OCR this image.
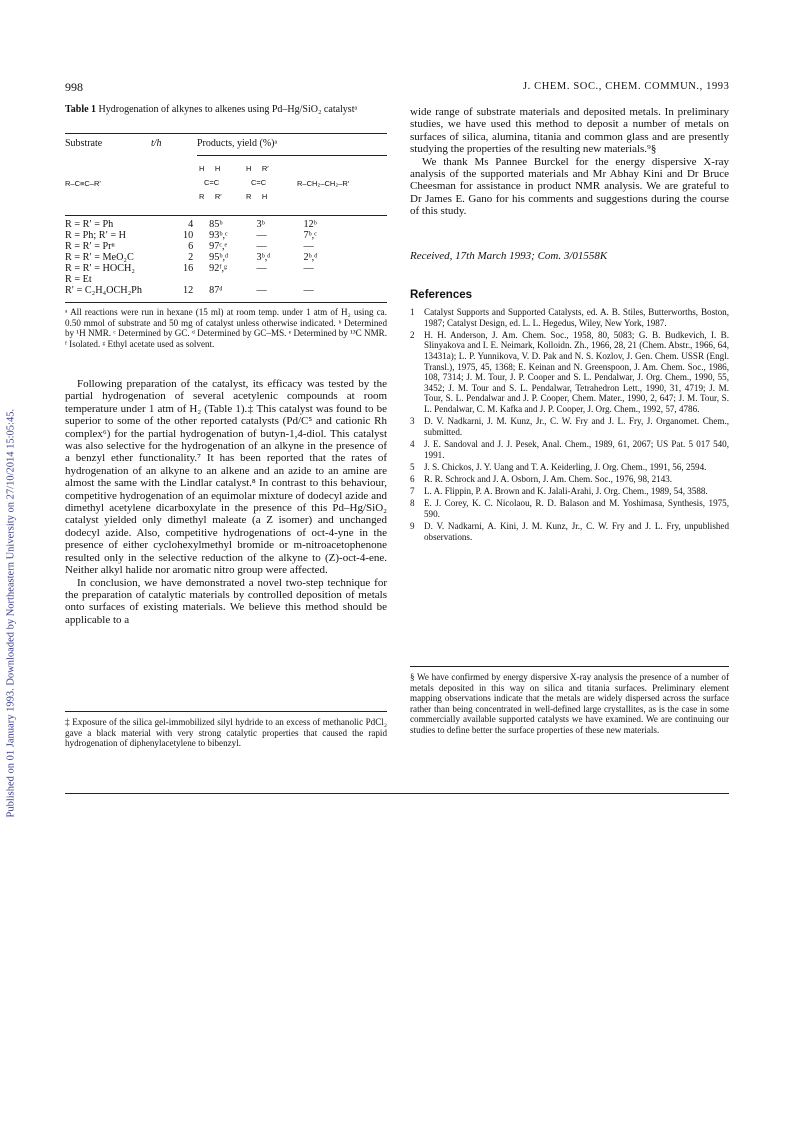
Published on 01 January 1993. Downloaded by Northeastern University on 27/10/2014 15:05:45.
998	J. CHEM. SOC., CHEM. COMMUN., 1993
Table 1 Hydrogenation of alkynes to alkenes using Pd–Hg/SiO₂ catalystᵃ
Substrate	t/h	Products, yield (%)ᵃ
R–C≡C–R′
H     H
C=C
R     R′
H     R′
C=C
R     H
R–CH₂–CH₂–R′
R = R′ = Ph	4	85ᵇ	3ᵇ	12ᵇ
R = Ph; R′ = H	10	93ᵇ,ᶜ	—	7ᵇ,ᶜ
R = R′ = Prⁿ	6	97ᶜ,ᵉ	—	—
R = R′ = MeO₂C	2	95ᵇ,ᵈ	3ᵇ,ᵈ	2ᵇ,ᵈ
R = R′ = HOCH₂	16	92ᶠ,ᵍ	—	—
R = Et				
R′ = C₂H₄OCH₂Ph	12	87ᵈ	—	—
ᵃ All reactions were run in hexane (15 ml) at room temp. under 1 atm of H₂ using ca. 0.50 mmol of substrate and 50 mg of catalyst unless otherwise indicated. ᵇ Determined by ¹H NMR. ᶜ Determined by GC. ᵈ Determined by GC–MS. ᵉ Determined by ¹³C NMR. ᶠ Isolated. ᵍ Ethyl acetate used as solvent.

Following preparation of the catalyst, its efficacy was tested by the partial hydrogenation of several acetylenic compounds at room temperature under 1 atm of H₂ (Table 1).‡ This catalyst was found to be superior to some of the other reported catalysts (Pd/C⁵ and cationic Rh complex⁶) for the partial hydrogenation of butyn-1,4-diol. This catalyst was also selective for the hydrogenation of an alkyne in the presence of a benzyl ether functionality.⁷ It has been reported that the rates of hydrogenation of an alkyne to an alkene and an azide to an amine are almost the same with the Lindlar catalyst.⁸ In contrast to this behaviour, competitive hydrogenation of an equimolar mixture of dodecyl azide and dimethyl acetylene dicarboxylate in the presence of this Pd–Hg/SiO₂ catalyst yielded only dimethyl maleate (a Z isomer) and unchanged dodecyl azide. Also, competitive hydrogenations of oct-4-yne in the presence of either cyclohexylmethyl bromide or m-nitroacetophenone resulted only in the selective reduction of the alkyne to (Z)-oct-4-ene. Neither alkyl halide nor aromatic nitro group were affected.

In conclusion, we have demonstrated a novel two-step technique for the preparation of catalytic materials by controlled deposition of metals onto surfaces of existing materials. We believe this method should be applicable to a

‡ Exposure of the silica gel-immobilized silyl hydride to an excess of methanolic PdCl₂ gave a black material with very strong catalytic properties that caused the rapid hydrogenation of diphenylacetylene to bibenzyl.

wide range of substrate materials and deposited metals. In preliminary studies, we have used this method to deposit a number of metals on surfaces of silica, alumina, titania and common glass and are presently studying the properties of the resulting new materials.⁹§

We thank Ms Pannee Burckel for the energy dispersive X-ray analysis of the supported materials and Mr Abhay Kini and Dr Bruce Cheesman for assistance in product NMR analysis. We are grateful to Dr James E. Gano for his comments and suggestions during the course of this study.

Received, 17th March 1993; Com. 3/01558K
References
1 Catalyst Supports and Supported Catalysts, ed. A. B. Stiles, Butterworths, Boston, 1987; Catalyst Design, ed. L. L. Hegedus, Wiley, New York, 1987.
2 H. H. Anderson, J. Am. Chem. Soc., 1958, 80, 5083; G. B. Budkevich, I. B. Slinyakova and I. E. Neimark, Kolloidn. Zh., 1966, 28, 21 (Chem. Abstr., 1966, 64, 13431a); L. P. Yunnikova, V. D. Pak and N. S. Kozlov, J. Gen. Chem. USSR (Engl. Transl.), 1975, 45, 1368; E. Keinan and N. Greenspoon, J. Am. Chem. Soc., 1986, 108, 7314; J. M. Tour, J. P. Cooper and S. L. Pendalwar, J. Org. Chem., 1990, 55, 3452; J. M. Tour and S. L. Pendalwar, Tetrahedron Lett., 1990, 31, 4719; J. M. Tour, S. L. Pendalwar and J. P. Cooper, Chem. Mater., 1990, 2, 647; J. M. Tour, S. L. Pendalwar, C. M. Kafka and J. P. Cooper, J. Org. Chem., 1992, 57, 4786.
3 D. V. Nadkarni, J. M. Kunz, Jr., C. W. Fry and J. L. Fry, J. Organomet. Chem., submitted.
4 J. E. Sandoval and J. J. Pesek, Anal. Chem., 1989, 61, 2067; US Pat. 5 017 540, 1991.
5 J. S. Chickos, J. Y. Uang and T. A. Keiderling, J. Org. Chem., 1991, 56, 2594.
6 R. R. Schrock and J. A. Osborn, J. Am. Chem. Soc., 1976, 98, 2143.
7 L. A. Flippin, P. A. Brown and K. Jalali-Arahi, J. Org. Chem., 1989, 54, 3588.
8 E. J. Corey, K. C. Nicolaou, R. D. Balason and M. Yoshimasa, Synthesis, 1975, 590.
9 D. V. Nadkarni, A. Kini, J. M. Kunz, Jr., C. W. Fry and J. L. Fry, unpublished observations.
§ We have confirmed by energy dispersive X-ray analysis the presence of a number of metals deposited in this way on silica and titania surfaces. Preliminary element mapping observations indicate that the metals are widely dispersed across the surface rather than being concentrated in well-defined large crystallites, as is the case in some commercially available supported catalysts we have examined. We are continuing our studies to define better the surface properties of these new materials.
